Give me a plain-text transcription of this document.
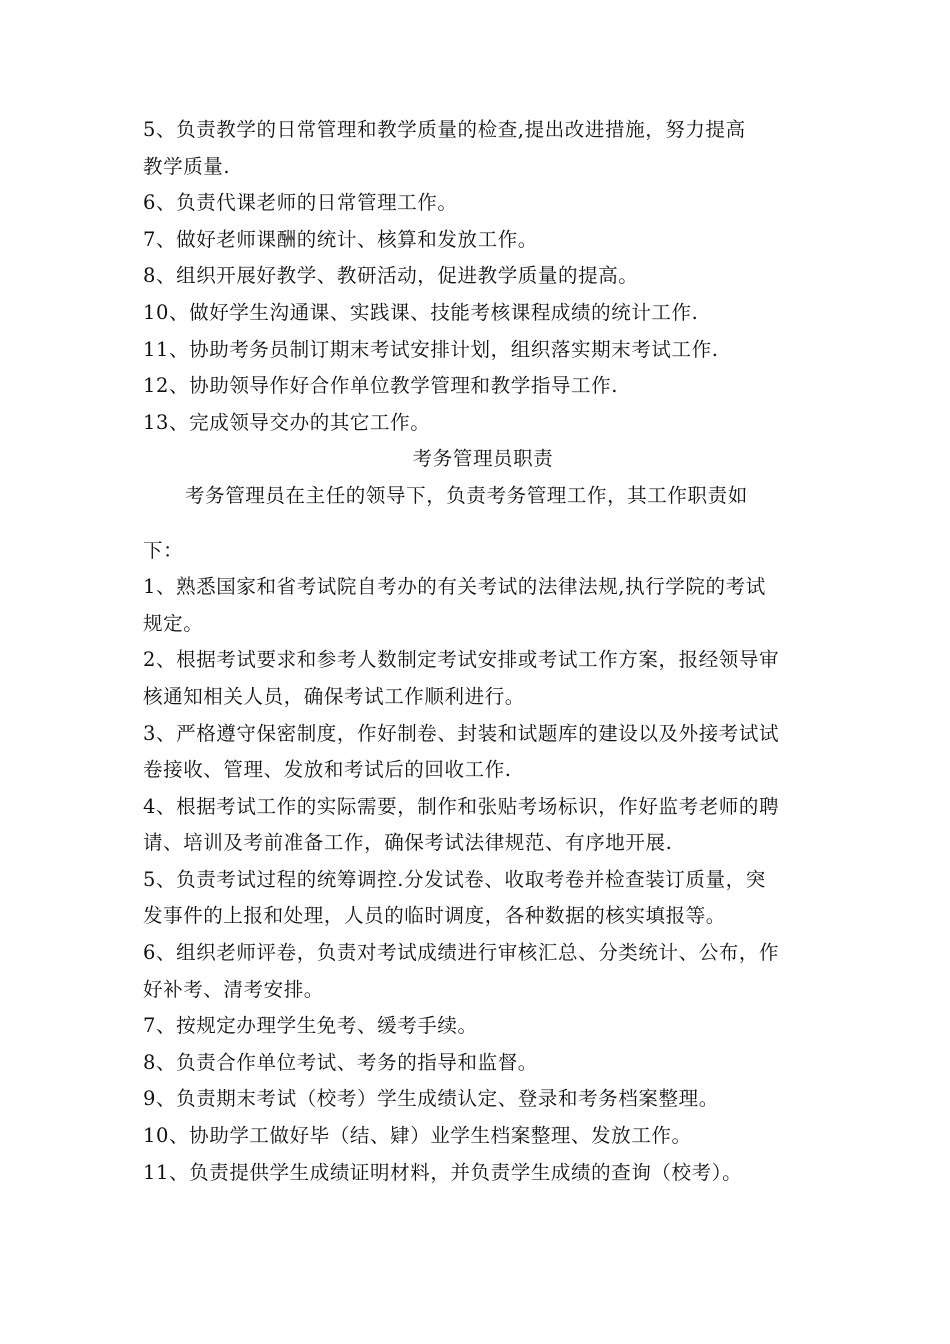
5、负责教学的日常管理和教学质量的检查,提出改进措施，努力提高
教学质量.
6、负责代课老师的日常管理工作。
7、做好老师课酬的统计、核算和发放工作。
8、组织开展好教学、教研活动，促进教学质量的提高。
10、做好学生沟通课、实践课、技能考核课程成绩的统计工作.
11、协助考务员制订期末考试安排计划，组织落实期末考试工作.
12、协助领导作好合作单位教学管理和教学指导工作.
13、完成领导交办的其它工作。
考务管理员职责
考务管理员在主任的领导下，负责考务管理工作，其工作职责如
下：
1、熟悉国家和省考试院自考办的有关考试的法律法规,执行学院的考试
规定。
2、根据考试要求和参考人数制定考试安排或考试工作方案，报经领导审
核通知相关人员，确保考试工作顺利进行。
3、严格遵守保密制度，作好制卷、封装和试题库的建设以及外接考试试
卷接收、管理、发放和考试后的回收工作.
4、根据考试工作的实际需要，制作和张贴考场标识，作好监考老师的聘
请、培训及考前准备工作，确保考试法律规范、有序地开展.
5、负责考试过程的统筹调控.分发试卷、收取考卷并检查装订质量，突
发事件的上报和处理，人员的临时调度，各种数据的核实填报等。
6、组织老师评卷，负责对考试成绩进行审核汇总、分类统计、公布，作
好补考、清考安排。
7、按规定办理学生免考、缓考手续。
8、负责合作单位考试、考务的指导和监督。
9、负责期末考试（校考）学生成绩认定、登录和考务档案整理。
10、协助学工做好毕（结、肄）业学生档案整理、发放工作。
11、负责提供学生成绩证明材料，并负责学生成绩的查询（校考）。
